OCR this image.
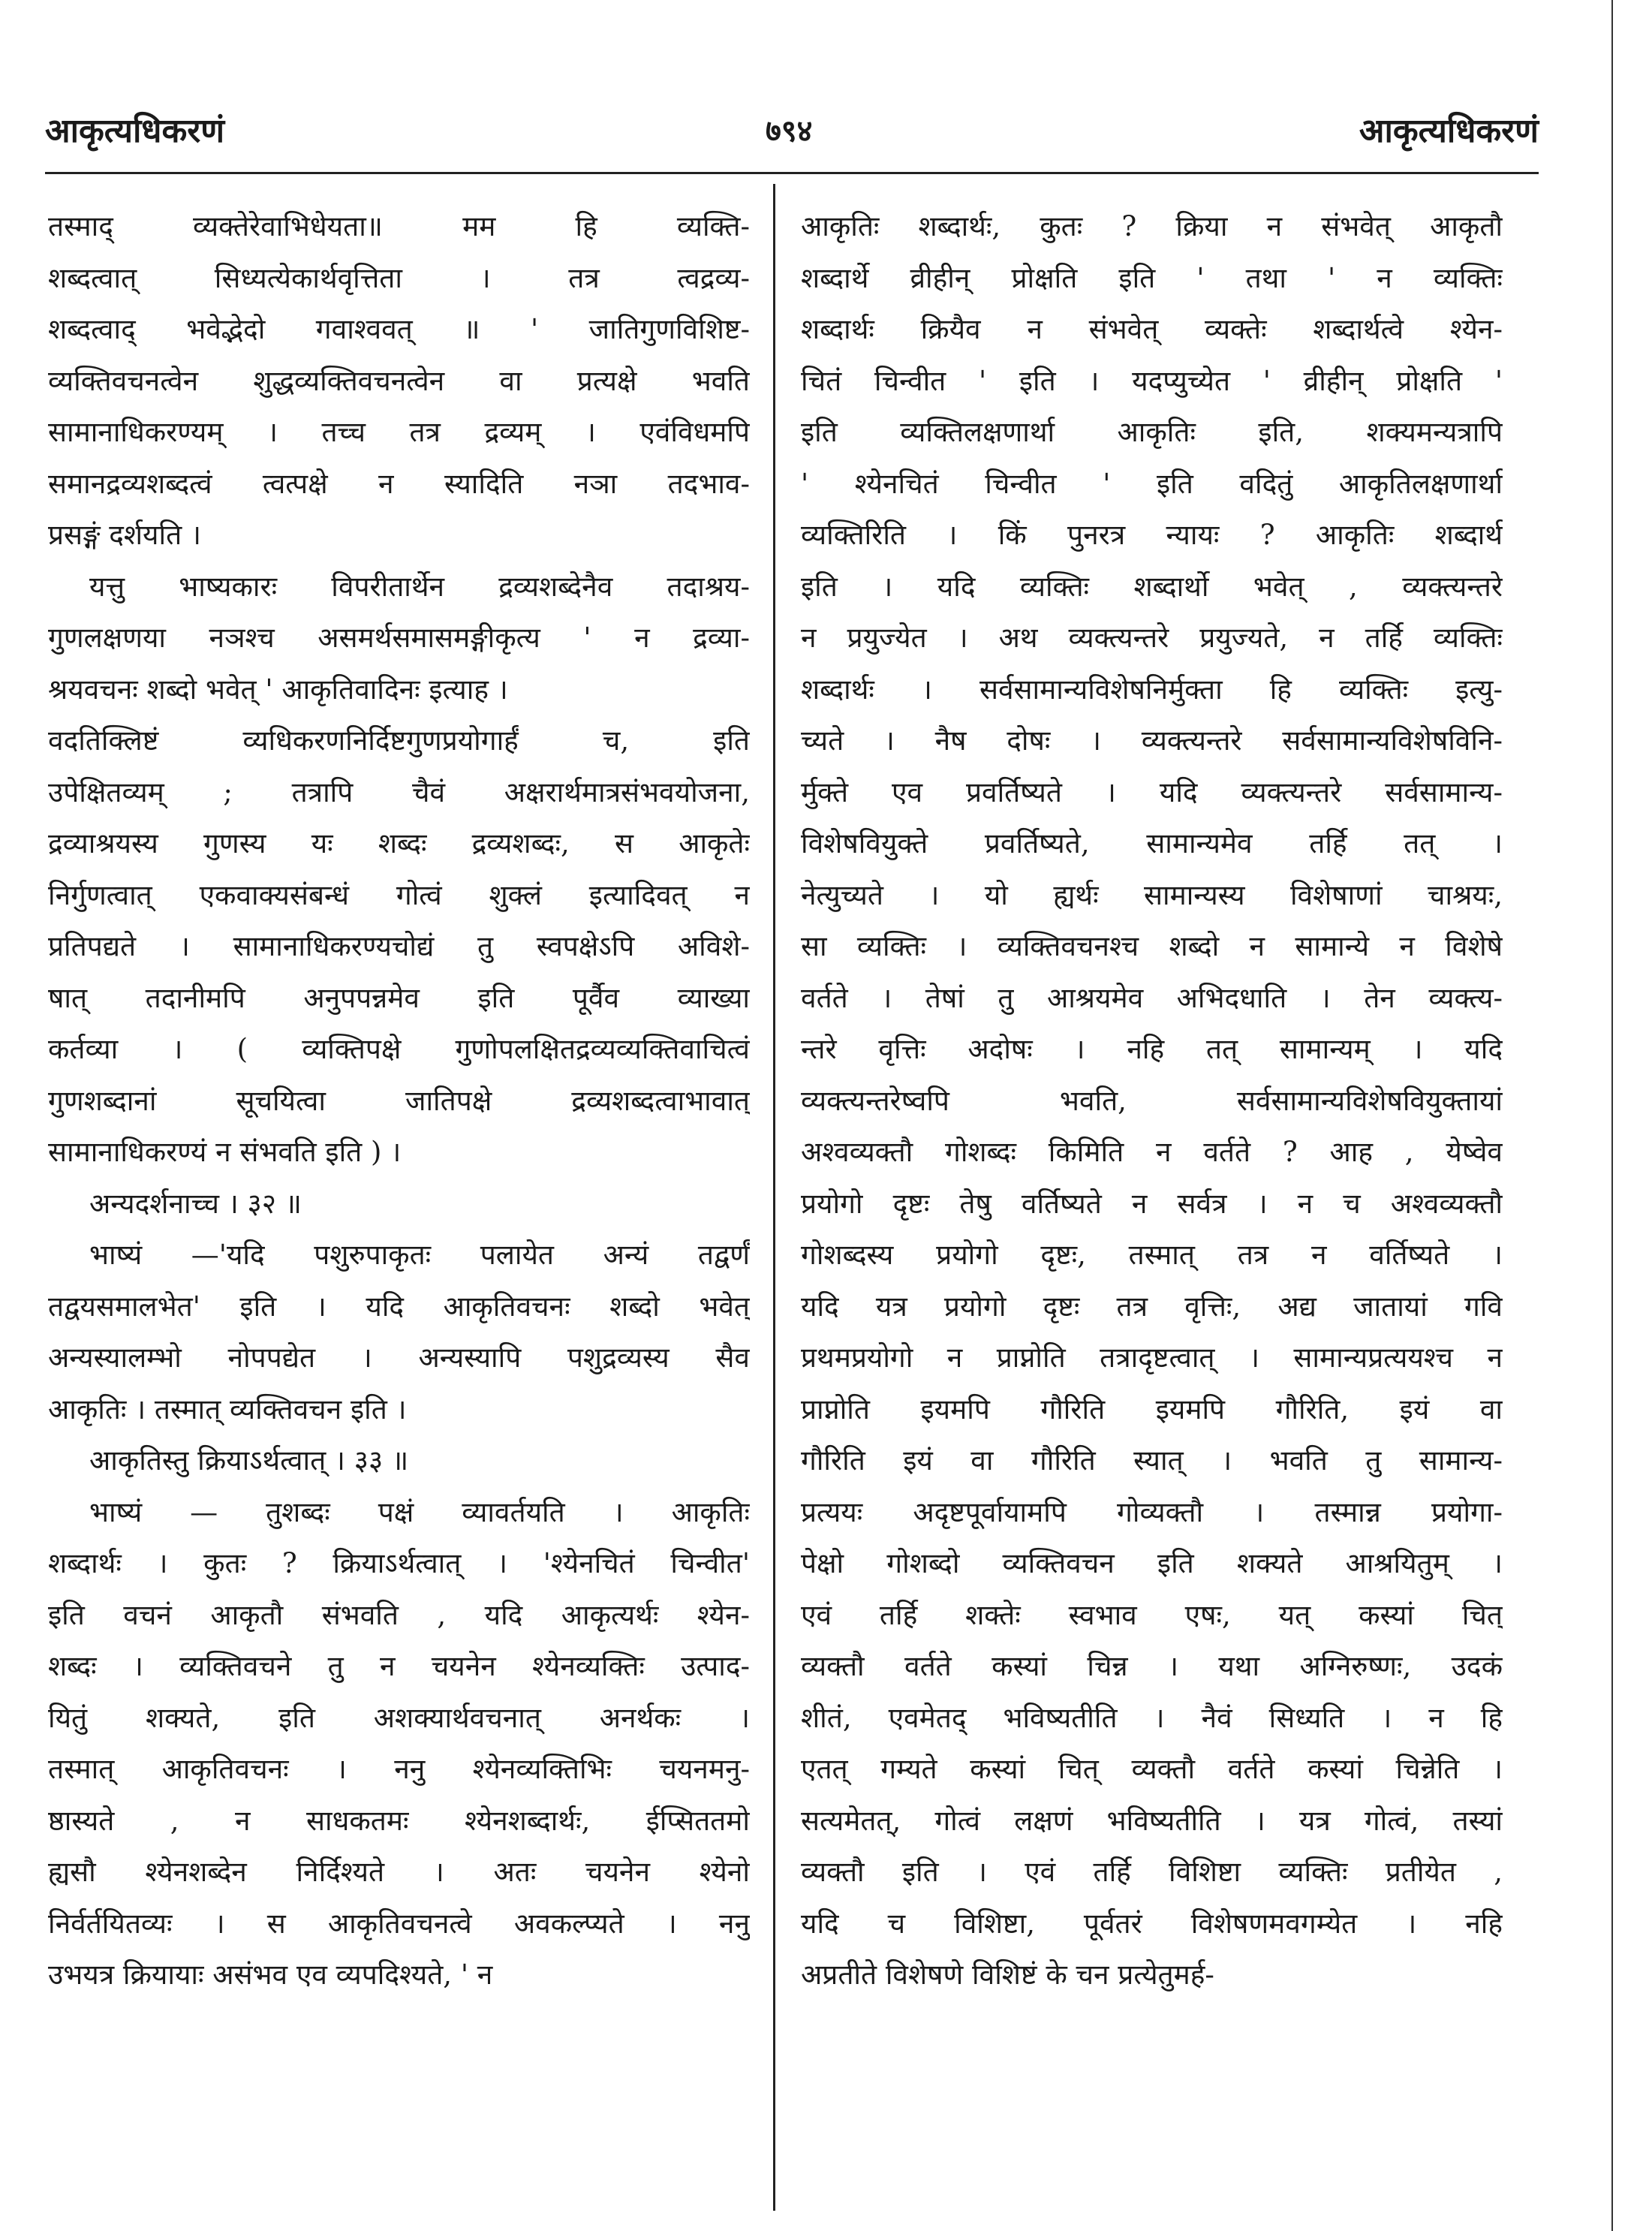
आकृत्यधिकरणं	७९४	आकृत्यधिकरणं
तस्माद् व्यक्तेरेवाभिधेयता॥ मम हि व्यक्ति-
शब्दत्वात् सिध्यत्येकार्थवृत्तिता । तत्र त्वद्रव्य-
शब्दत्वाद् भवेद्भेदो गवाश्ववत् ॥ ' जातिगुणविशिष्ट-
व्यक्तिवचनत्वेन शुद्धव्यक्तिवचनत्वेन वा प्रत्यक्षे भवति
सामानाधिकरण्यम् । तच्च तत्र द्रव्यम् । एवंविधमपि
समानद्रव्यशब्दत्वं त्वत्पक्षे न स्यादिति नञा तदभाव-
प्रसङ्गं दर्शयति ।
यत्तु भाष्यकारः विपरीतार्थेन द्रव्यशब्देनैव तदाश्रय-
गुणलक्षणया नञश्च असमर्थसमासमङ्गीकृत्य ' न द्रव्या-
श्रयवचनः शब्दो भवेत् ' आकृतिवादिनः इत्याह ।
वदतिक्लिष्टं व्यधिकरणनिर्दिष्टगुणप्रयोगार्हं च, इति
उपेक्षितव्यम् ; तत्रापि चैवं अक्षरार्थमात्रसंभवयोजना,
द्रव्याश्रयस्य गुणस्य यः शब्दः द्रव्यशब्दः, स आकृतेः
निर्गुणत्वात् एकवाक्यसंबन्धं गोत्वं शुक्लं इत्यादिवत् न
प्रतिपद्यते । सामानाधिकरण्यचोद्यं तु स्वपक्षेऽपि अविशे-
षात् तदानीमपि अनुपपन्नमेव इति पूर्वैव व्याख्या
कर्तव्या । ( व्यक्तिपक्षे गुणोपलक्षितद्रव्यव्यक्तिवाचित्वं
गुणशब्दानां सूचयित्वा जातिपक्षे द्रव्यशब्दत्वाभावात्
सामानाधिकरण्यं न संभवति इति ) ।
अन्यदर्शनाच्च । ३२ ॥
भाष्यं —'यदि पशुरुपाकृतः पलायेत अन्यं तद्वर्णं
तद्वयसमालभेत' इति । यदि आकृतिवचनः शब्दो भवेत्
अन्यस्यालम्भो नोपपद्येत । अन्यस्यापि पशुद्रव्यस्य सैव
आकृतिः । तस्मात् व्यक्तिवचन इति ।
आकृतिस्तु क्रियाऽर्थत्वात् । ३३ ॥
भाष्यं — तुशब्दः पक्षं व्यावर्तयति । आकृतिः
शब्दार्थः । कुतः ? क्रियाऽर्थत्वात् । 'श्येनचितं चिन्वीत'
इति वचनं आकृतौ संभवति , यदि आकृत्यर्थः श्येन-
शब्दः । व्यक्तिवचने तु न चयनेन श्येनव्यक्तिः उत्पाद-
यितुं शक्यते, इति अशक्यार्थवचनात् अनर्थकः ।
तस्मात् आकृतिवचनः । ननु श्येनव्यक्तिभिः चयनमनु-
ष्ठास्यते , न साधकतमः श्येनशब्दार्थः, ईप्सिततमो
ह्यसौ श्येनशब्देन निर्दिश्यते । अतः चयनेन श्येनो
निर्वर्तयितव्यः । स आकृतिवचनत्वे अवकल्प्यते । ननु
उभयत्र क्रियायाः असंभव एव व्यपदिश्यते, ' न
आकृतिः शब्दार्थः, कुतः ? क्रिया न संभवेत् आकृतौ
शब्दार्थे व्रीहीन् प्रोक्षति इति ' तथा ' न व्यक्तिः
शब्दार्थः क्रियैव न संभवेत् व्यक्तेः शब्दार्थत्वे श्येन-
चितं चिन्वीत ' इति । यदप्युच्येत ' व्रीहीन् प्रोक्षति '
इति व्यक्तिलक्षणार्था आकृतिः इति, शक्यमन्यत्रापि
' श्येनचितं चिन्वीत ' इति वदितुं आकृतिलक्षणार्था
व्यक्तिरिति । किं पुनरत्र न्यायः ? आकृतिः शब्दार्थ
इति । यदि व्यक्तिः शब्दार्थो भवेत् , व्यक्त्यन्तरे
न प्रयुज्येत । अथ व्यक्त्यन्तरे प्रयुज्यते, न तर्हि व्यक्तिः
शब्दार्थः । सर्वसामान्यविशेषनिर्मुक्ता हि व्यक्तिः इत्यु-
च्यते । नैष दोषः । व्यक्त्यन्तरे सर्वसामान्यविशेषविनि-
र्मुक्ते एव प्रवर्तिष्यते । यदि व्यक्त्यन्तरे सर्वसामान्य-
विशेषवियुक्ते प्रवर्तिष्यते, सामान्यमेव तर्हि तत् ।
नेत्युच्यते । यो ह्यर्थः सामान्यस्य विशेषाणां चाश्रयः,
सा व्यक्तिः । व्यक्तिवचनश्च शब्दो न सामान्ये न विशेषे
वर्तते । तेषां तु आश्रयमेव अभिदधाति । तेन व्यक्त्य-
न्तरे वृत्तिः अदोषः । नहि तत् सामान्यम् । यदि
व्यक्त्यन्तरेष्वपि भवति, सर्वसामान्यविशेषवियुक्तायां
अश्वव्यक्तौ गोशब्दः किमिति न वर्तते ? आह , येष्वेव
प्रयोगो दृष्टः तेषु वर्तिष्यते न सर्वत्र । न च अश्वव्यक्तौ
गोशब्दस्य प्रयोगो दृष्टः, तस्मात् तत्र न वर्तिष्यते ।
यदि यत्र प्रयोगो दृष्टः तत्र वृत्तिः, अद्य जातायां गवि
प्रथमप्रयोगो न प्राप्नोति तत्रादृष्टत्वात् । सामान्यप्रत्ययश्च न
प्राप्नोति इयमपि गौरिति इयमपि गौरिति, इयं वा
गौरिति इयं वा गौरिति स्यात् । भवति तु सामान्य-
प्रत्ययः अदृष्टपूर्वायामपि गोव्यक्तौ । तस्मान्न प्रयोगा-
पेक्षो गोशब्दो व्यक्तिवचन इति शक्यते आश्रयितुम् ।
एवं तर्हि शक्तेः स्वभाव एषः, यत् कस्यां चित्
व्यक्तौ वर्तते कस्यां चिन्न । यथा अग्निरुष्णः, उदकं
शीतं, एवमेतद् भविष्यतीति । नैवं सिध्यति । न हि
एतत् गम्यते कस्यां चित् व्यक्तौ वर्तते कस्यां चिन्नेति ।
सत्यमेतत्, गोत्वं लक्षणं भविष्यतीति । यत्र गोत्वं, तस्यां
व्यक्तौ इति । एवं तर्हि विशिष्टा व्यक्तिः प्रतीयेत ,
यदि च विशिष्टा, पूर्वतरं विशेषणमवगम्येत । नहि
अप्रतीते विशेषणे विशिष्टं के चन प्रत्येतुमर्ह-
